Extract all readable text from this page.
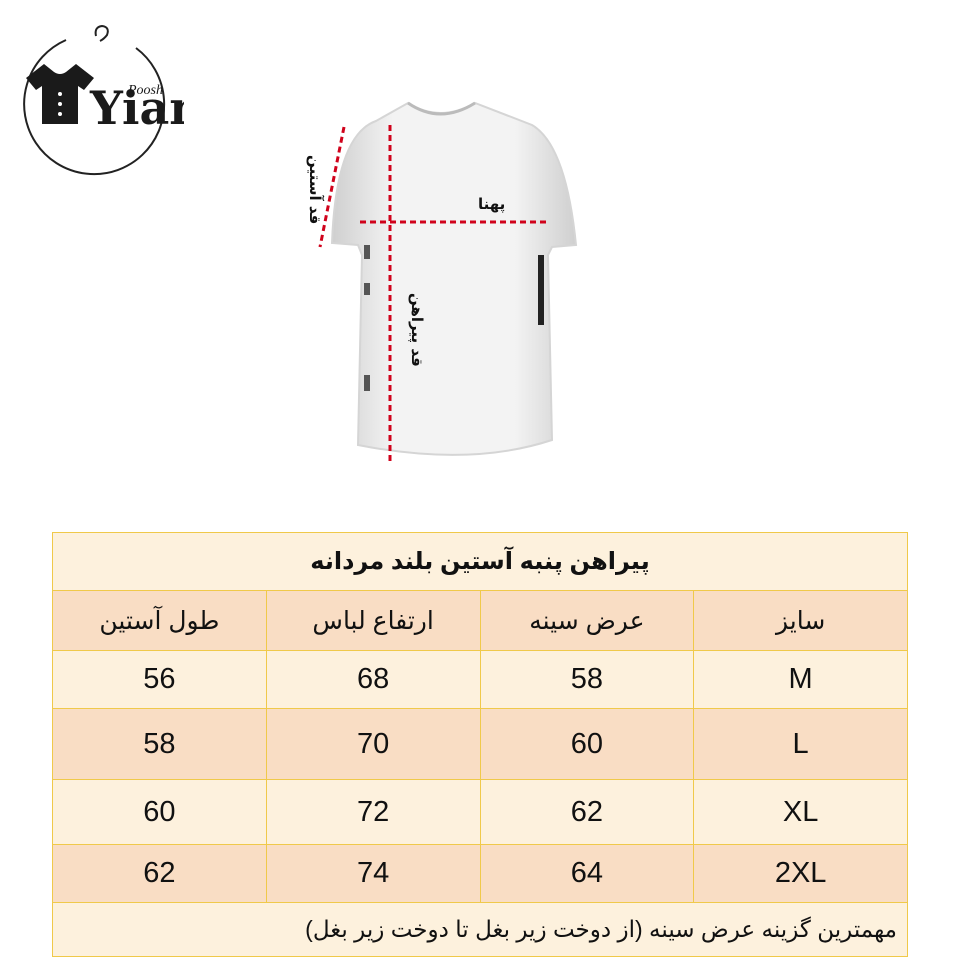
Yia
Poosh
قد آستین	پهنا
قد پیراهن
پیراهن پنبه آستین بلند مردانه			
سایز	عرض سینه	ارتفاع لباس	طول آستین
M	58	68	56
L	60	70	58
XL	62	72	60
2XL	64	74	62
مهمترین گزینه عرض سینه (از دوخت زیر بغل تا دوخت زیر بغل)			
